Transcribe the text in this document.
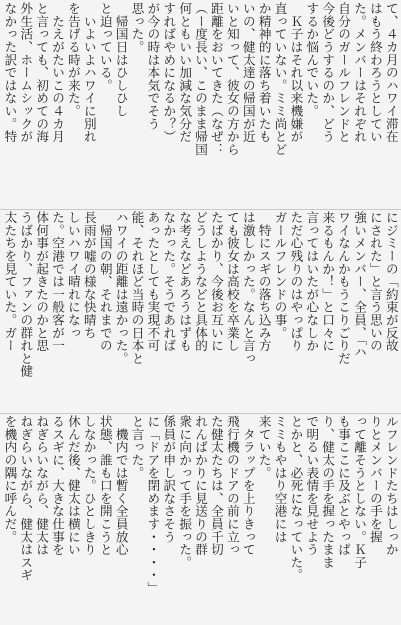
て、４カ月のハワイ滞在
はもう終わろうとしてい
た。メンバーはそれぞれ
自分のガールフレンドと
今後どうするのか、どう
するか悩んでいた。
　Ｋ子はそれ以来機嫌が
直っていない。ミミ尚とど
か精神的に落ち着いたも
いの、健太達の帰国が近
いと知って、彼女の方から
距離をおいてきた（なぜ：
（ー度長い、このまま帰国
何ともいい加減な気分だ
すればやめになるか？）
が今の時は本気でそう
思った。
　帰国日はひしひし
と迫っている。
　いよいよハワイに別れ
を告げる時が来た。
　たえがたいこの４カ月
と言っても、初めての海
外生活、ホームシックが
なかった訳ではない。特
にジミーの「約束が反故
にされた」と言う思いの
強いメンバー、全員、「ハ
ワイなんかもうこりごりだ
来るもんか！」と口々に
言ってはいたが心なしか
ただ心残りのはやっぱり
ガールフレンドの事。
　特にスギの落ち込み方
は激しかった。なんと言っ
ても彼女は高校を卒業し
たばかり、今後お互いに
どうしようなどと具体的
な考えなどあろうはずも
なかった。そうであれば
あったとしても実現不可
能、それほど当時の日本と
ハワイの距離は遠かった。
　帰国の朝、それまでの
長雨が嘘の様な快晴ち
しいハワイ晴れになっ
た。空港では一般客が一
体何事が起きたのかと思
うばかり、ファンの群れと健
太たちを見ていた。ガー
ルフレンドたちはしっか
りとメンバーの手を握
って離そうとしない。Ｋ子
も事ここに及ぶとやっぱ
り、健太の手を握ったまま
で明るい表情を見せよう
とかと、必死になっていた。
ミミもやはり空港には
来ていた。
　タラップを上りきって
飛行機のドアの前に立っ
た健太たちは、全員千切
れんばかりに見送りの群
衆に向かって手を振った。
係員が申し訳なさそう
に「ドアを閉めます・・・・」
と言った。
　機内では暫く全員放心
状態、誰も口を開こうと
しなかった。ひとしきり
休んだ後、健太は横にい
るスギに、大きな仕事を
ねぎらいながら、健太は
ねぎらいながら、健太はスギ
を機内の隅に呼んだ。
